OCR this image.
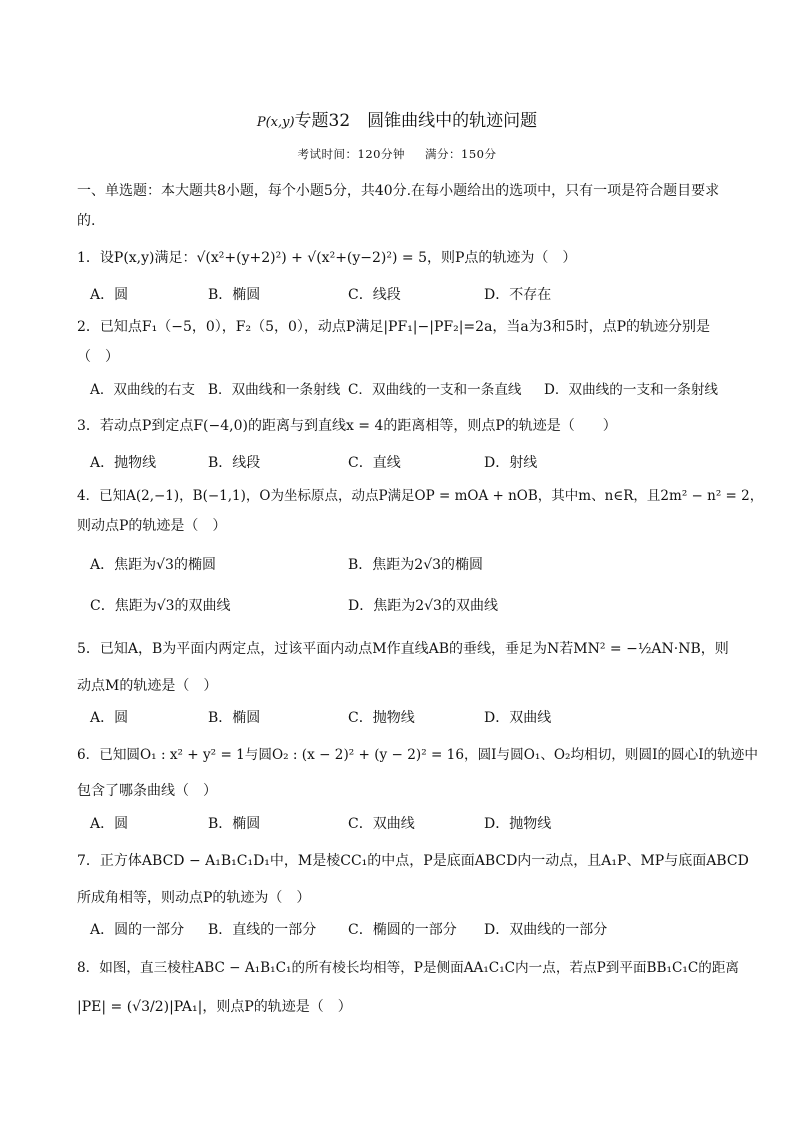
P(x,y)专题32　圆锥曲线中的轨迹问题
考试时间：120分钟 满分：150分
一、单选题：本大题共8小题，每个小题5分，共40分.在每小题给出的选项中，只有一项是符合题目要求
的.
1．设P(x,y)满足：√(x²+(y+2)²) + √(x²+(y−2)²) = 5，则P点的轨迹为（　）
A．圆	B．椭圆	C．线段	D．不存在
2．已知点F₁（−5，0），F₂（5，0），动点P满足|PF₁|−|PF₂|=2a，当a为3和5时，点P的轨迹分别是
（　）
A．双曲线的右支 B．双曲线和一条射线 C．双曲线的一支和一条直线 D．双曲线的一支和一条射线
3．若动点P到定点F(−4,0)的距离与到直线x = 4的距离相等，则点P的轨迹是（　　）
A．抛物线	B．线段	C．直线	D．射线
4．已知A(2,−1)，B(−1,1)，O为坐标原点，动点P满足OP = mOA + nOB，其中m、n∈R，且2m² − n² = 2，
则动点P的轨迹是（　）
A．焦距为√3的椭圆	B．焦距为2√3的椭圆
C．焦距为√3的双曲线	D．焦距为2√3的双曲线
5．已知A，B为平面内两定点，过该平面内动点M作直线AB的垂线，垂足为N若MN² = −½AN·NB，则
动点M的轨迹是（　）
A．圆	B．椭圆	C．抛物线	D．双曲线
6．已知圆O₁ : x² + y² = 1与圆O₂ : (x − 2)² + (y − 2)² = 16，圆I与圆O₁、O₂均相切，则圆I的圆心I的轨迹中
包含了哪条曲线（　）
A．圆	B．椭圆	C．双曲线	D．抛物线
7．正方体ABCD − A₁B₁C₁D₁中，M是棱CC₁的中点，P是底面ABCD内一动点，且A₁P、MP与底面ABCD
所成角相等，则动点P的轨迹为（　）
A．圆的一部分 B．直线的一部分 C．椭圆的一部分 D．双曲线的一部分
8．如图，直三棱柱ABC − A₁B₁C₁的所有棱长均相等，P是侧面AA₁C₁C内一点，若点P到平面BB₁C₁C的距离
|PE| = (√3/2)|PA₁|，则点P的轨迹是（　）
